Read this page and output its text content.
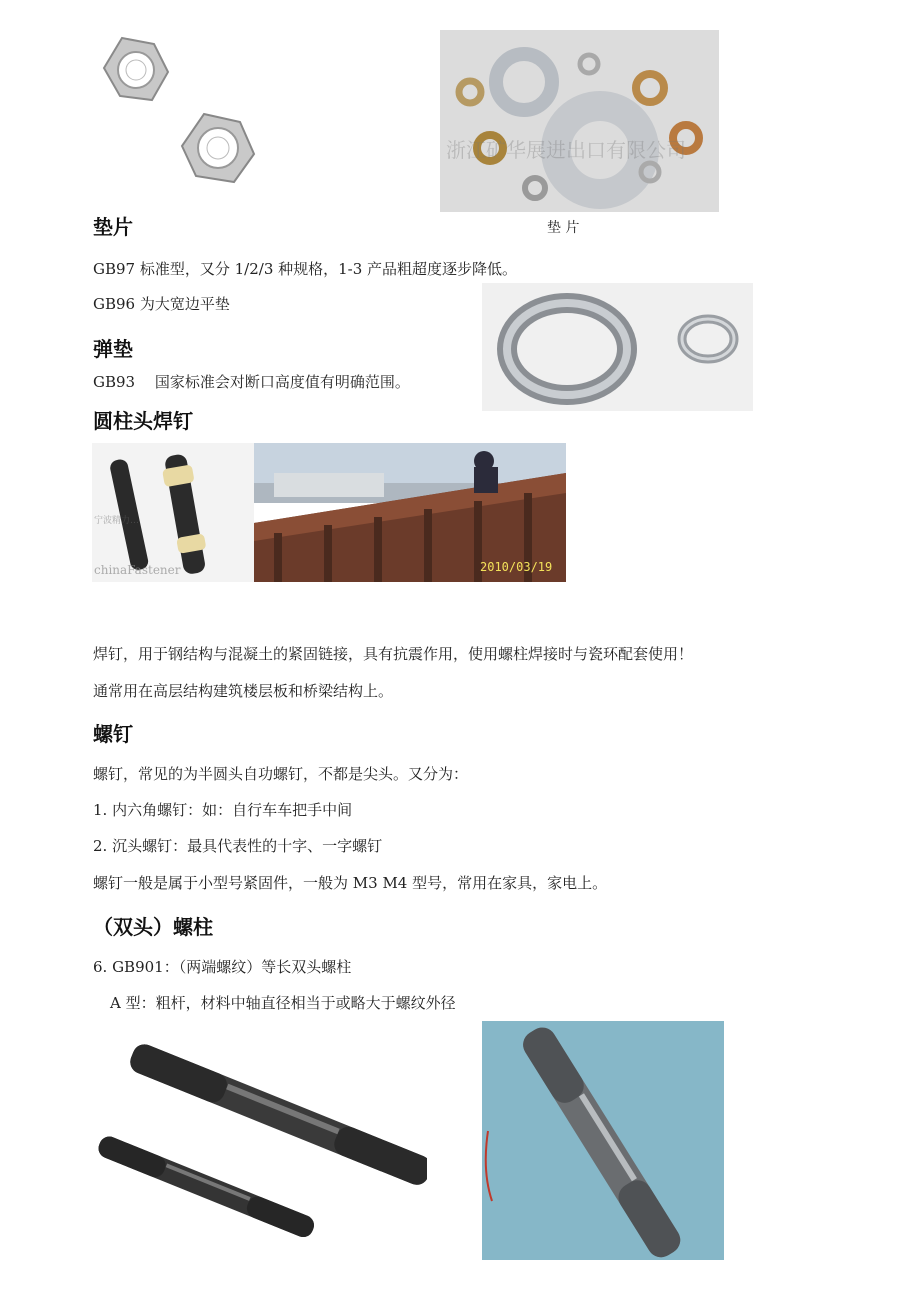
浙江矿华展进出口有限公司
垫 片
垫片
GB97 标准型，又分 1/2/3 种规格，1-3 产品粗超度逐步降低。
GB96 为大宽边平垫
弹垫
GB93　 国家标准会对断口高度值有明确范围。
圆柱头焊钉
宁波精力…
chinaFastener	2010/03/19
焊钉，用于钢结构与混凝土的紧固链接，具有抗震作用，使用螺柱焊接时与瓷环配套使用！
通常用在高层结构建筑楼层板和桥梁结构上。
螺钉
螺钉，常见的为半圆头自功螺钉，不都是尖头。又分为：
1. 内六角螺钉：如：自行车车把手中间
2. 沉头螺钉：最具代表性的十字、一字螺钉
螺钉一般是属于小型号紧固件，一般为 M3 M4 型号，常用在家具，家电上。
（双头）螺柱
6. GB901：（两端螺纹）等长双头螺柱
A 型：粗杆，材料中轴直径相当于或略大于螺纹外径
